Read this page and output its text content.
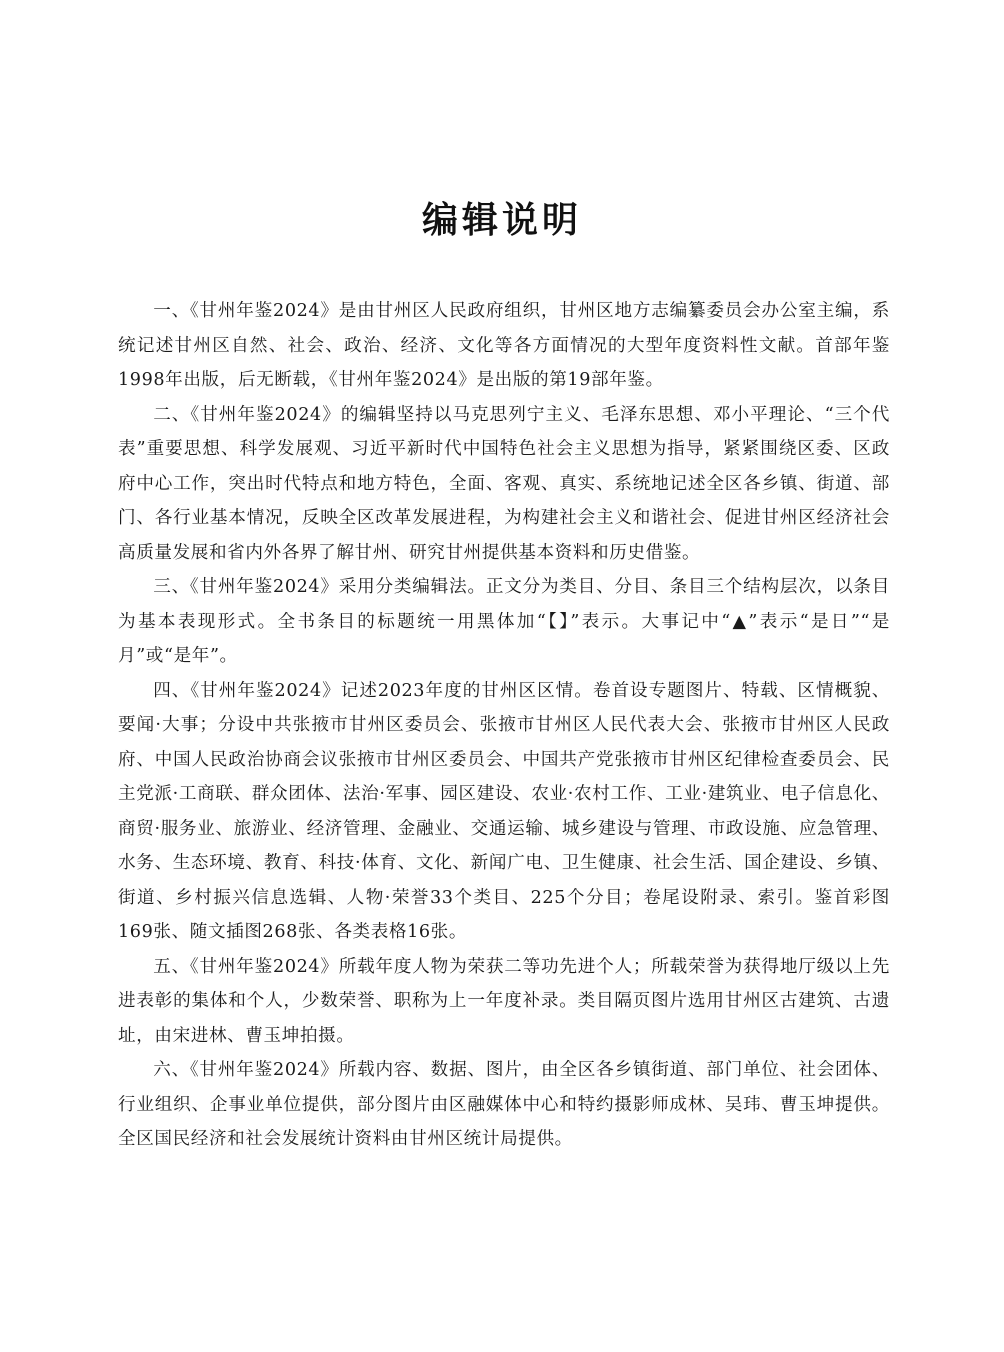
编辑说明

一、《甘州年鉴2024》是由甘州区人民政府组织，甘州区地方志编纂委员会办公室主编，系统记述甘州区自然、社会、政治、经济、文化等各方面情况的大型年度资料性文献。首部年鉴1998年出版，后无断载，《甘州年鉴2024》是出版的第19部年鉴。

二、《甘州年鉴2024》的编辑坚持以马克思列宁主义、毛泽东思想、邓小平理论、“三个代表”重要思想、科学发展观、习近平新时代中国特色社会主义思想为指导，紧紧围绕区委、区政府中心工作，突出时代特点和地方特色，全面、客观、真实、系统地记述全区各乡镇、街道、部门、各行业基本情况，反映全区改革发展进程，为构建社会主义和谐社会、促进甘州区经济社会高质量发展和省内外各界了解甘州、研究甘州提供基本资料和历史借鉴。

三、《甘州年鉴2024》采用分类编辑法。正文分为类目、分目、条目三个结构层次，以条目为基本表现形式。全书条目的标题统一用黑体加“【】”表示。大事记中“▲”表示“是日”“是月”或“是年”。

四、《甘州年鉴2024》记述2023年度的甘州区区情。卷首设专题图片、特载、区情概貌、要闻·大事；分设中共张掖市甘州区委员会、张掖市甘州区人民代表大会、张掖市甘州区人民政府、中国人民政治协商会议张掖市甘州区委员会、中国共产党张掖市甘州区纪律检查委员会、民主党派·工商联、群众团体、法治·军事、园区建设、农业·农村工作、工业·建筑业、电子信息化、商贸·服务业、旅游业、经济管理、金融业、交通运输、城乡建设与管理、市政设施、应急管理、水务、生态环境、教育、科技·体育、文化、新闻广电、卫生健康、社会生活、国企建设、乡镇、街道、乡村振兴信息选辑、人物·荣誉33个类目、225个分目；卷尾设附录、索引。鉴首彩图169张、随文插图268张、各类表格16张。

五、《甘州年鉴2024》所载年度人物为荣获二等功先进个人；所载荣誉为获得地厅级以上先进表彰的集体和个人，少数荣誉、职称为上一年度补录。类目隔页图片选用甘州区古建筑、古遗址，由宋进林、曹玉坤拍摄。

六、《甘州年鉴2024》所载内容、数据、图片，由全区各乡镇街道、部门单位、社会团体、行业组织、企事业单位提供，部分图片由区融媒体中心和特约摄影师成林、吴玮、曹玉坤提供。全区国民经济和社会发展统计资料由甘州区统计局提供。
